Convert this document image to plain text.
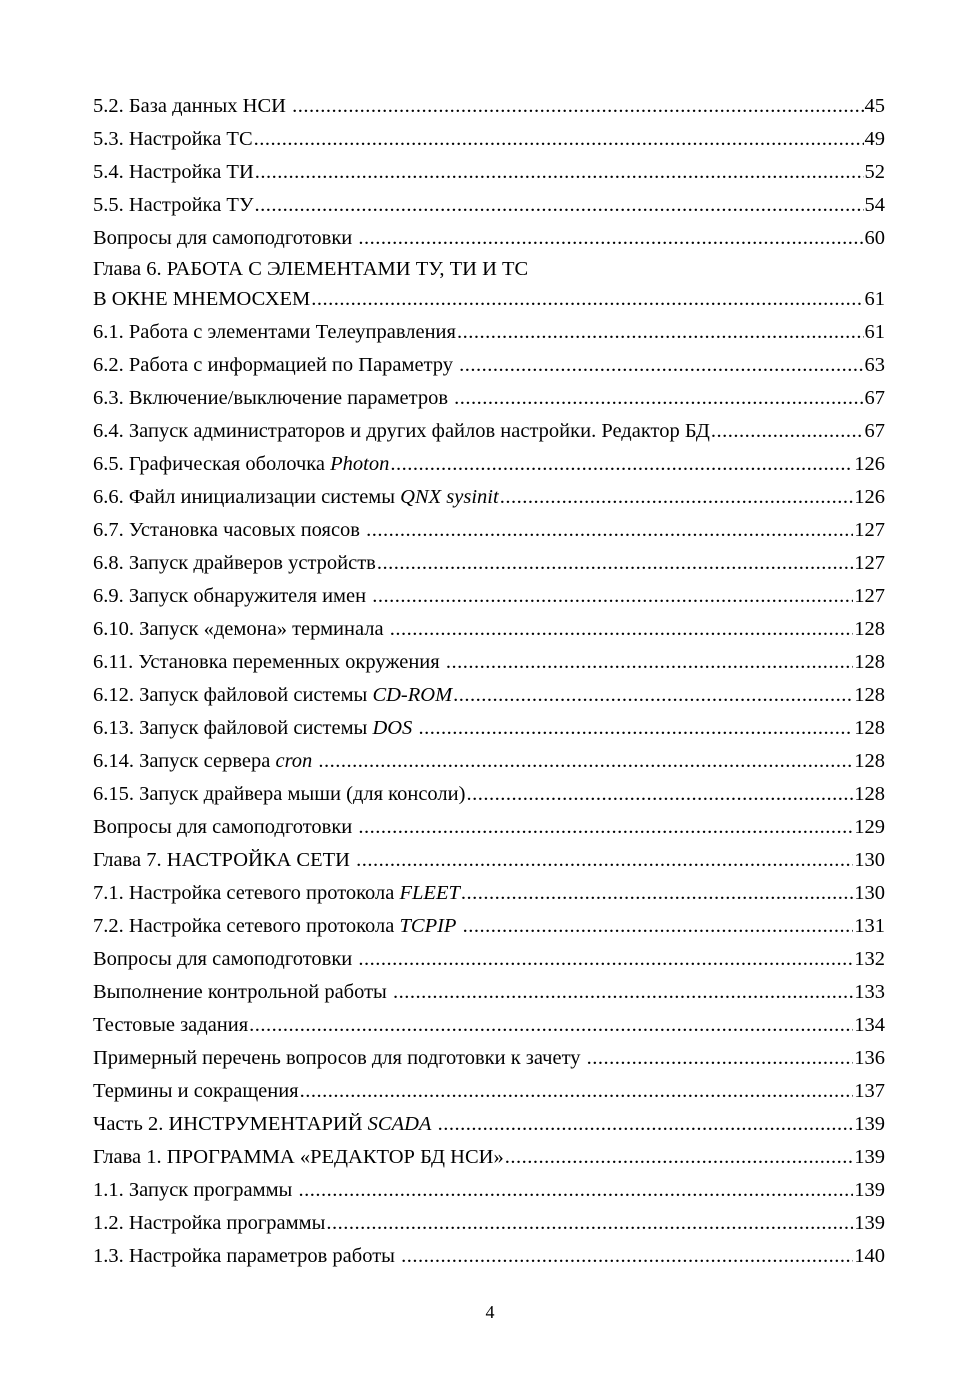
5.2. База данных НСИ .....	45
5.3. Настройка ТС .....	49
5.4. Настройка ТИ .....	52
5.5. Настройка ТУ .....	54
Вопросы для самоподготовки .....	60
Глава 6. РАБОТА С ЭЛЕМЕНТАМИ ТУ, ТИ И ТС
В ОКНЕ МНЕМОСХЕМ .....	61
6.1. Работа с элементами Телеуправления .....	61
6.2. Работа с информацией по Параметру .....	63
6.3. Включение/выключение параметров .....	67
6.4. Запуск администраторов и других файлов настройки. Редактор БД .....	67
6.5. Графическая оболочка Photon .....	126
6.6. Файл инициализации системы QNX sysinit .....	126
6.7. Установка часовых поясов .....	127
6.8. Запуск драйверов устройств .....	127
6.9. Запуск обнаружителя имен .....	127
6.10. Запуск «демона» терминала .....	128
6.11. Установка переменных окружения .....	128
6.12. Запуск файловой системы CD-ROM .....	128
6.13. Запуск файловой системы DOS .....	128
6.14. Запуск сервера cron .....	128
6.15. Запуск драйвера мыши (для консоли) .....	128
Вопросы для самоподготовки .....	129
Глава 7. НАСТРОЙКА СЕТИ .....	130
7.1. Настройка сетевого протокола FLEET .....	130
7.2. Настройка сетевого протокола TCPIP .....	131
Вопросы для самоподготовки .....	132
Выполнение контрольной работы .....	133
Тестовые задания .....	134
Примерный перечень вопросов для подготовки к зачету .....	136
Термины и сокращения .....	137
Часть 2. ИНСТРУМЕНТАРИЙ SCADA .....	139
Глава 1. ПРОГРАММА «РЕДАКТОР БД НСИ» .....	139
1.1. Запуск программы .....	139
1.2. Настройка программы .....	139
1.3. Настройка параметров работы .....	140
4
